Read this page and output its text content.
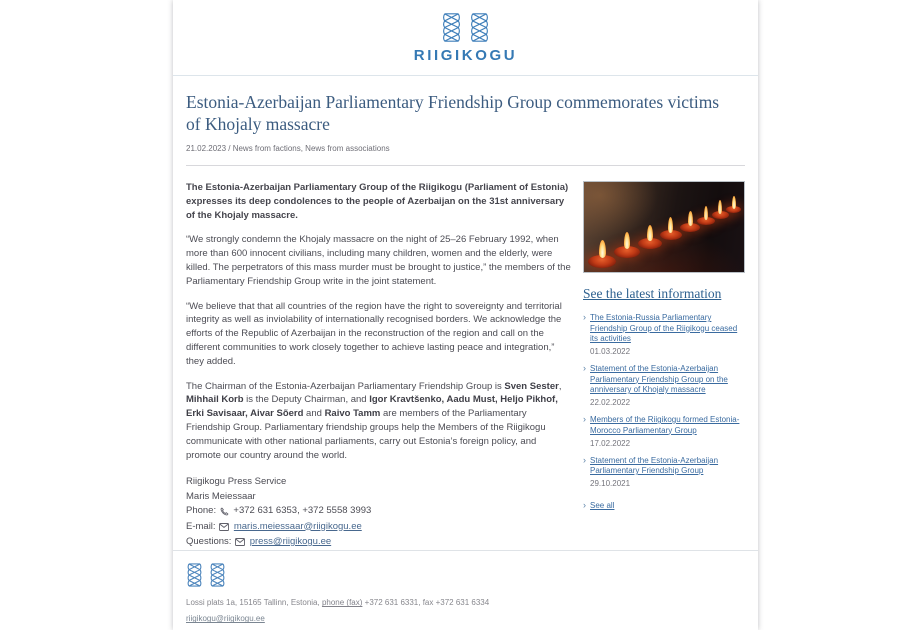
RIIGIKOGU
Estonia-Azerbaijan Parliamentary Friendship Group commemorates victims of Khojaly massacre
21.02.2023 / News from factions, News from associations

The Estonia-Azerbaijan Parliamentary Group of the Riigikogu (Parliament of Estonia) expresses its deep condolences to the people of Azerbaijan on the 31st anniversary of the Khojaly massacre.

“We strongly condemn the Khojaly massacre on the night of 25–26 February 1992, when more than 600 innocent civilians, including many children, women and the elderly, were killed. The perpetrators of this mass murder must be brought to justice,” the members of the Parliamentary Friendship Group write in the joint statement.

“We believe that that all countries of the region have the right to sovereignty and territorial integrity as well as inviolability of internationally recognised borders. We acknowledge the efforts of the Republic of Azerbaijan in the reconstruction of the region and call on the different communities to work closely together to achieve lasting peace and integration,” they added.

The Chairman of the Estonia-Azerbaijan Parliamentary Friendship Group is Sven Sester, Mihhail Korb is the Deputy Chairman, and Igor Kravtšenko, Aadu Must, Heljo Pikhof, Erki Savisaar, Aivar Sõerd and Raivo Tamm are members of the Parliamentary Friendship Group. Parliamentary friendship groups help the Members of the Riigikogu communicate with other national parliaments, carry out Estonia’s foreign policy, and promote our country around the world.

Riigikogu Press Service
Maris Meiessaar
Phone: +372 631 6353, +372 5558 3993
E-mail: maris.meiessaar@riigikogu.ee
Questions: press@riigikogu.ee
See the latest information
› The Estonia-Russia Parliamentary Friendship Group of the Riigikogu ceased its activities
01.03.2022
› Statement of the Estonia-Azerbaijan Parliamentary Friendship Group on the anniversary of Khojaly massacre
22.02.2022
› Members of the Riigikogu formed Estonia-Morocco Parliamentary Group
17.02.2022
› Statement of the Estonia-Azerbaijan Parliamentary Friendship Group
29.10.2021
› See all
Lossi plats 1a, 15165 Tallinn, Estonia, phone (fax) +372 631 6331, fax +372 631 6334
riigikogu@riigikogu.ee
